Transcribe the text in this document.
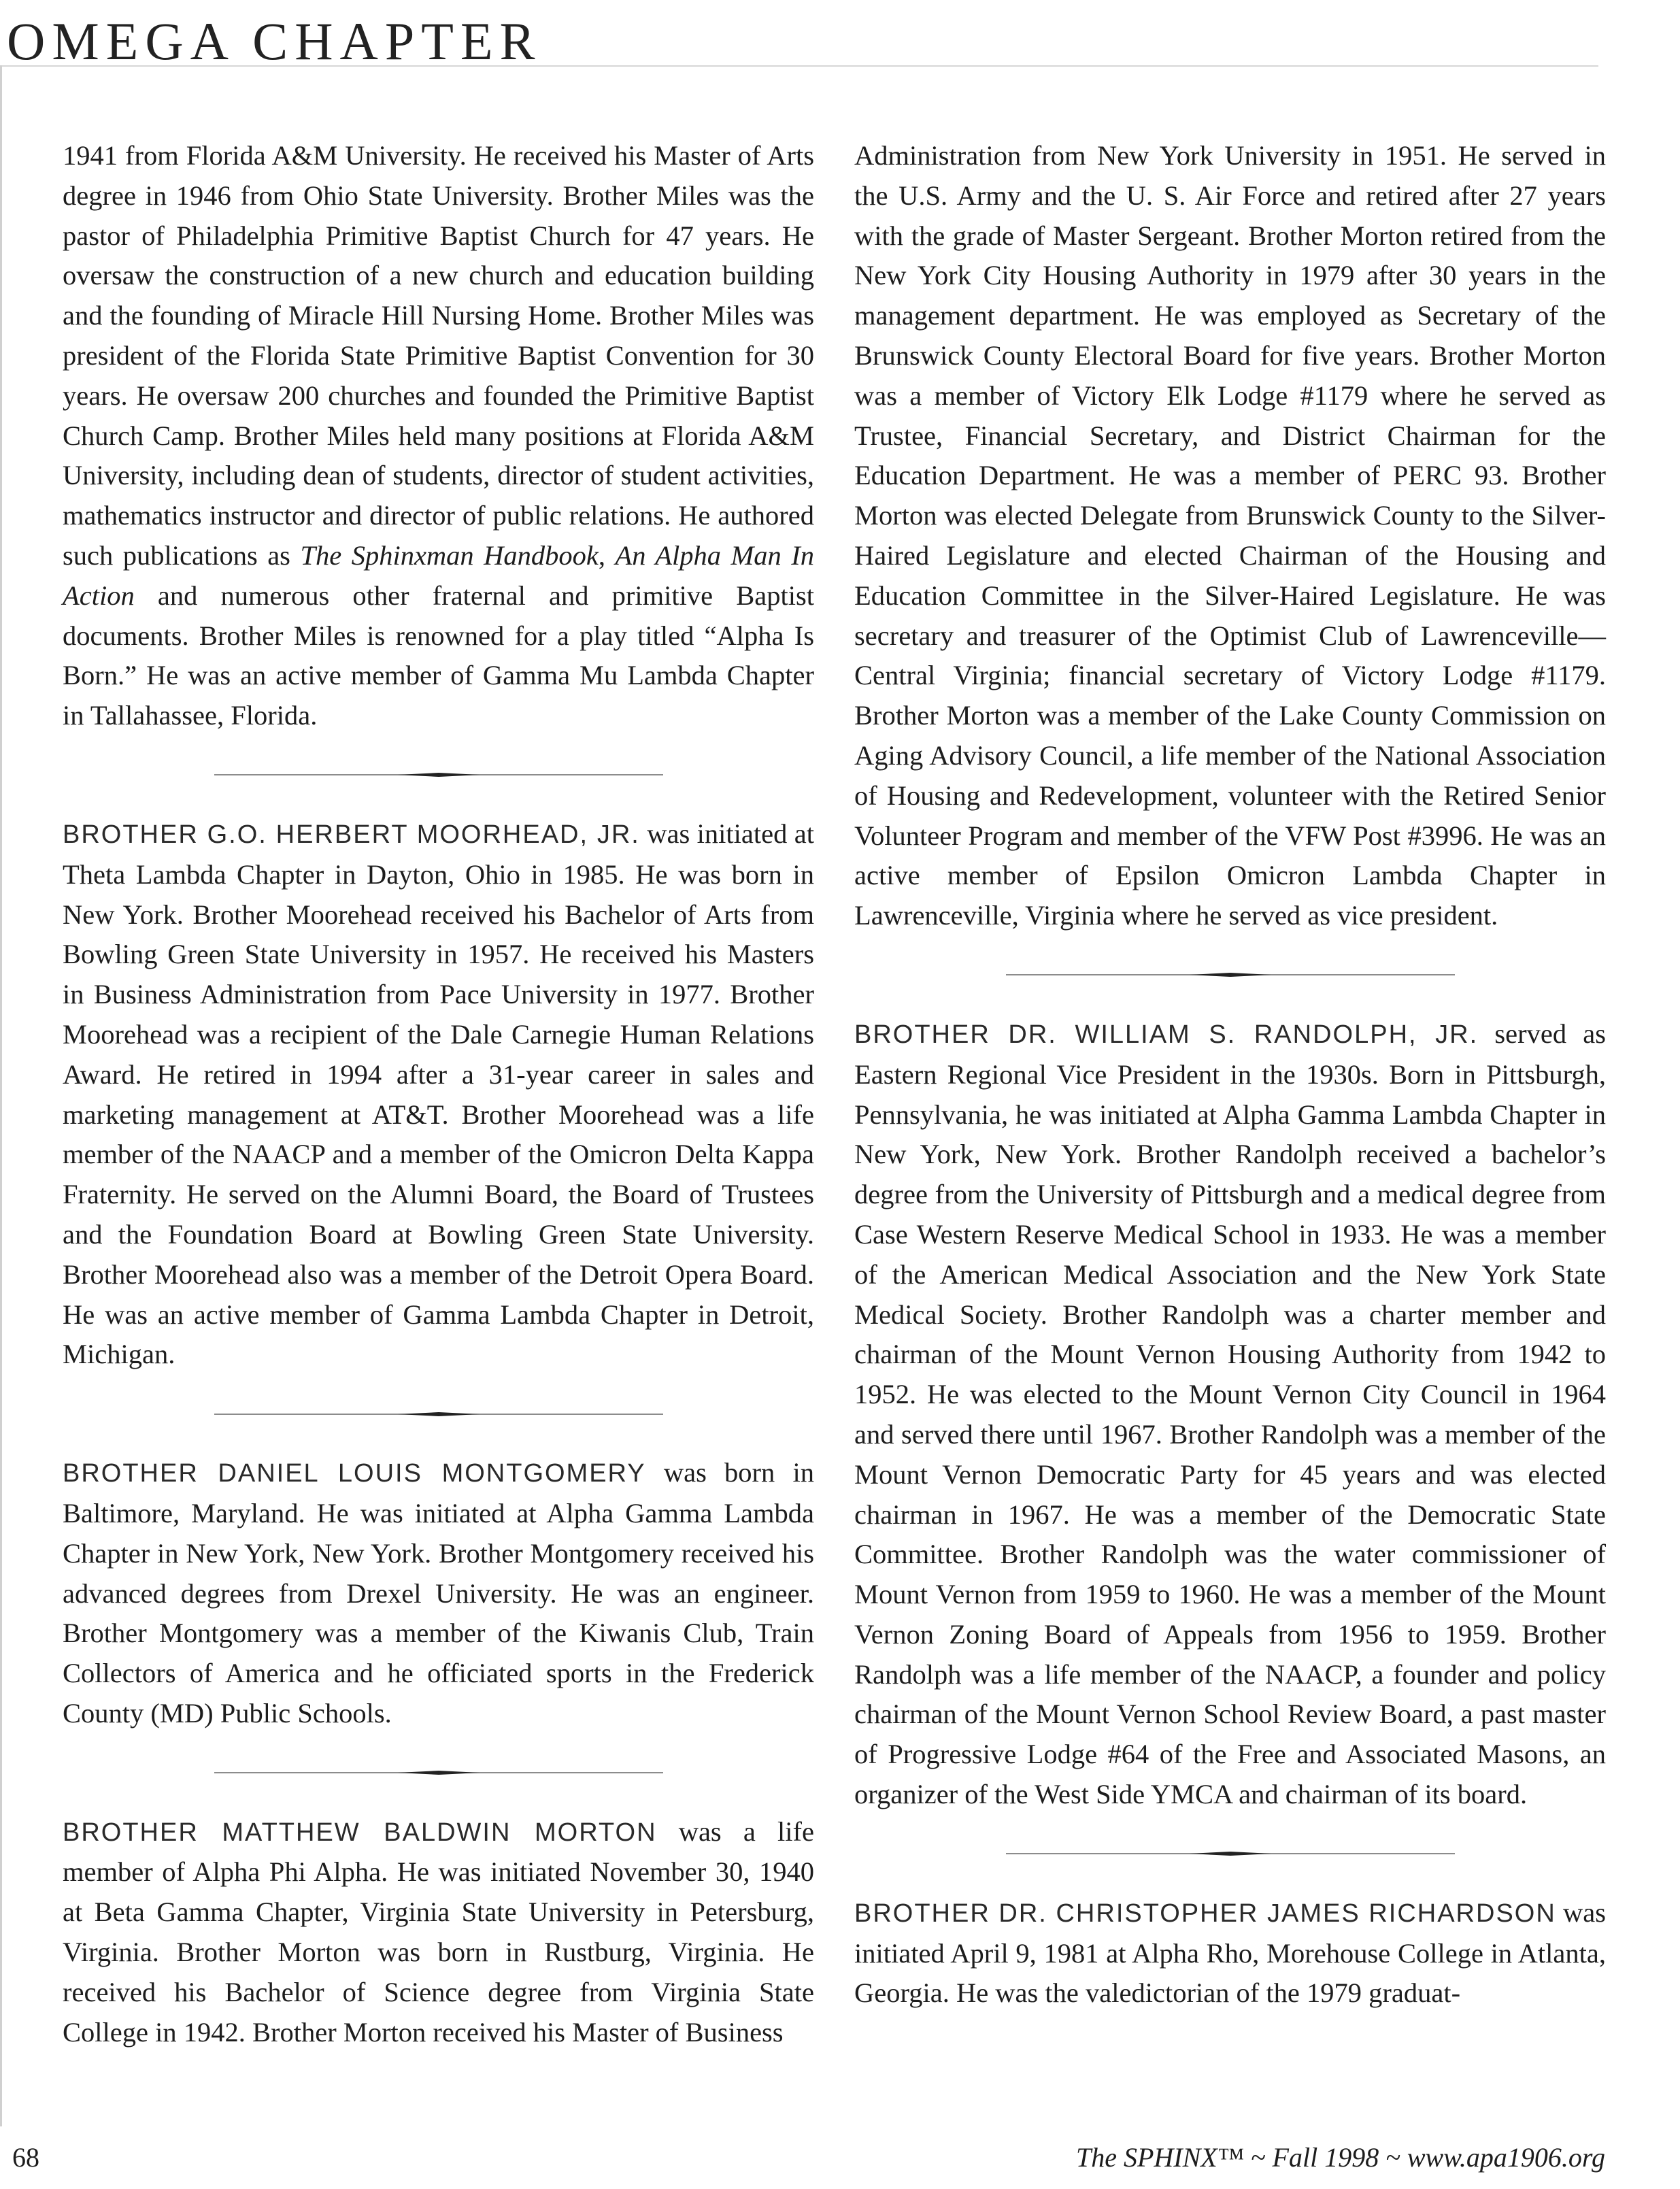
OMEGA CHAPTER

1941 from Florida A&M University. He received his Master of Arts degree in 1946 from Ohio State University. Brother Miles was the pastor of Philadelphia Primitive Baptist Church for 47 years. He oversaw the construction of a new church and education building and the founding of Miracle Hill Nursing Home. Brother Miles was president of the Florida State Primitive Baptist Convention for 30 years. He oversaw 200 churches and founded the Primitive Baptist Church Camp. Brother Miles held many positions at Florida A&M University, including dean of students, director of student activities, mathematics instructor and director of public relations. He authored such publications as The Sphinxman Handbook, An Alpha Man In Action and numerous other fraternal and primitive Baptist documents. Brother Miles is renowned for a play titled “Alpha Is Born.” He was an active member of Gamma Mu Lambda Chapter in Tallahassee, Florida.

BROTHER G.O. HERBERT MOORHEAD, JR. was initiated at Theta Lambda Chapter in Dayton, Ohio in 1985. He was born in New York. Brother Moorehead received his Bachelor of Arts from Bowling Green State University in 1957. He received his Masters in Business Administration from Pace University in 1977. Brother Moorehead was a recipient of the Dale Carnegie Human Relations Award. He retired in 1994 after a 31-year career in sales and marketing management at AT&T. Brother Moorehead was a life member of the NAACP and a member of the Omicron Delta Kappa Fraternity. He served on the Alumni Board, the Board of Trustees and the Foundation Board at Bowling Green State University. Brother Moorehead also was a member of the Detroit Opera Board. He was an active member of Gamma Lambda Chapter in Detroit, Michigan.

BROTHER DANIEL LOUIS MONTGOMERY was born in Baltimore, Maryland. He was initiated at Alpha Gamma Lambda Chapter in New York, New York. Brother Montgomery received his advanced degrees from Drexel University. He was an engineer. Brother Montgomery was a member of the Kiwanis Club, Train Collectors of America and he officiated sports in the Frederick County (MD) Public Schools.

BROTHER MATTHEW BALDWIN MORTON was a life member of Alpha Phi Alpha. He was initiated November 30, 1940 at Beta Gamma Chapter, Virginia State University in Petersburg, Virginia. Brother Morton was born in Rustburg, Virginia. He received his Bachelor of Science degree from Virginia State College in 1942. Brother Morton received his Master of Business

Administration from New York University in 1951. He served in the U.S. Army and the U. S. Air Force and retired after 27 years with the grade of Master Sergeant. Brother Morton retired from the New York City Housing Authority in 1979 after 30 years in the management department. He was employed as Secretary of the Brunswick County Electoral Board for five years. Brother Morton was a member of Victory Elk Lodge #1179 where he served as Trustee, Financial Secretary, and District Chairman for the Education Department. He was a member of PERC 93. Brother Morton was elected Delegate from Brunswick County to the Silver-Haired Legislature and elected Chairman of the Housing and Education Committee in the Silver-Haired Legislature. He was secretary and treasurer of the Optimist Club of Lawrenceville—Central Virginia; financial secretary of Victory Lodge #1179. Brother Morton was a member of the Lake County Commission on Aging Advisory Council, a life member of the National Association of Housing and Redevelopment, volunteer with the Retired Senior Volunteer Program and member of the VFW Post #3996. He was an active member of Epsilon Omicron Lambda Chapter in Lawrenceville, Virginia where he served as vice president.

BROTHER DR. WILLIAM S. RANDOLPH, JR. served as Eastern Regional Vice President in the 1930s. Born in Pittsburgh, Pennsylvania, he was initiated at Alpha Gamma Lambda Chapter in New York, New York. Brother Randolph received a bachelor’s degree from the University of Pittsburgh and a medical degree from Case Western Reserve Medical School in 1933. He was a member of the American Medical Association and the New York State Medical Society. Brother Randolph was a charter member and chairman of the Mount Vernon Housing Authority from 1942 to 1952. He was elected to the Mount Vernon City Council in 1964 and served there until 1967. Brother Randolph was a member of the Mount Vernon Democratic Party for 45 years and was elected chairman in 1967. He was a member of the Democratic State Committee. Brother Randolph was the water commissioner of Mount Vernon from 1959 to 1960. He was a member of the Mount Vernon Zoning Board of Appeals from 1956 to 1959. Brother Randolph was a life member of the NAACP, a founder and policy chairman of the Mount Vernon School Review Board, a past master of Progressive Lodge #64 of the Free and Associated Masons, an organizer of the West Side YMCA and chairman of its board.

BROTHER DR. CHRISTOPHER JAMES RICHARDSON was initiated April 9, 1981 at Alpha Rho, Morehouse College in Atlanta, Georgia. He was the valedictorian of the 1979 graduat-

68	The SPHINX™ ~ Fall 1998 ~ www.apa1906.org
